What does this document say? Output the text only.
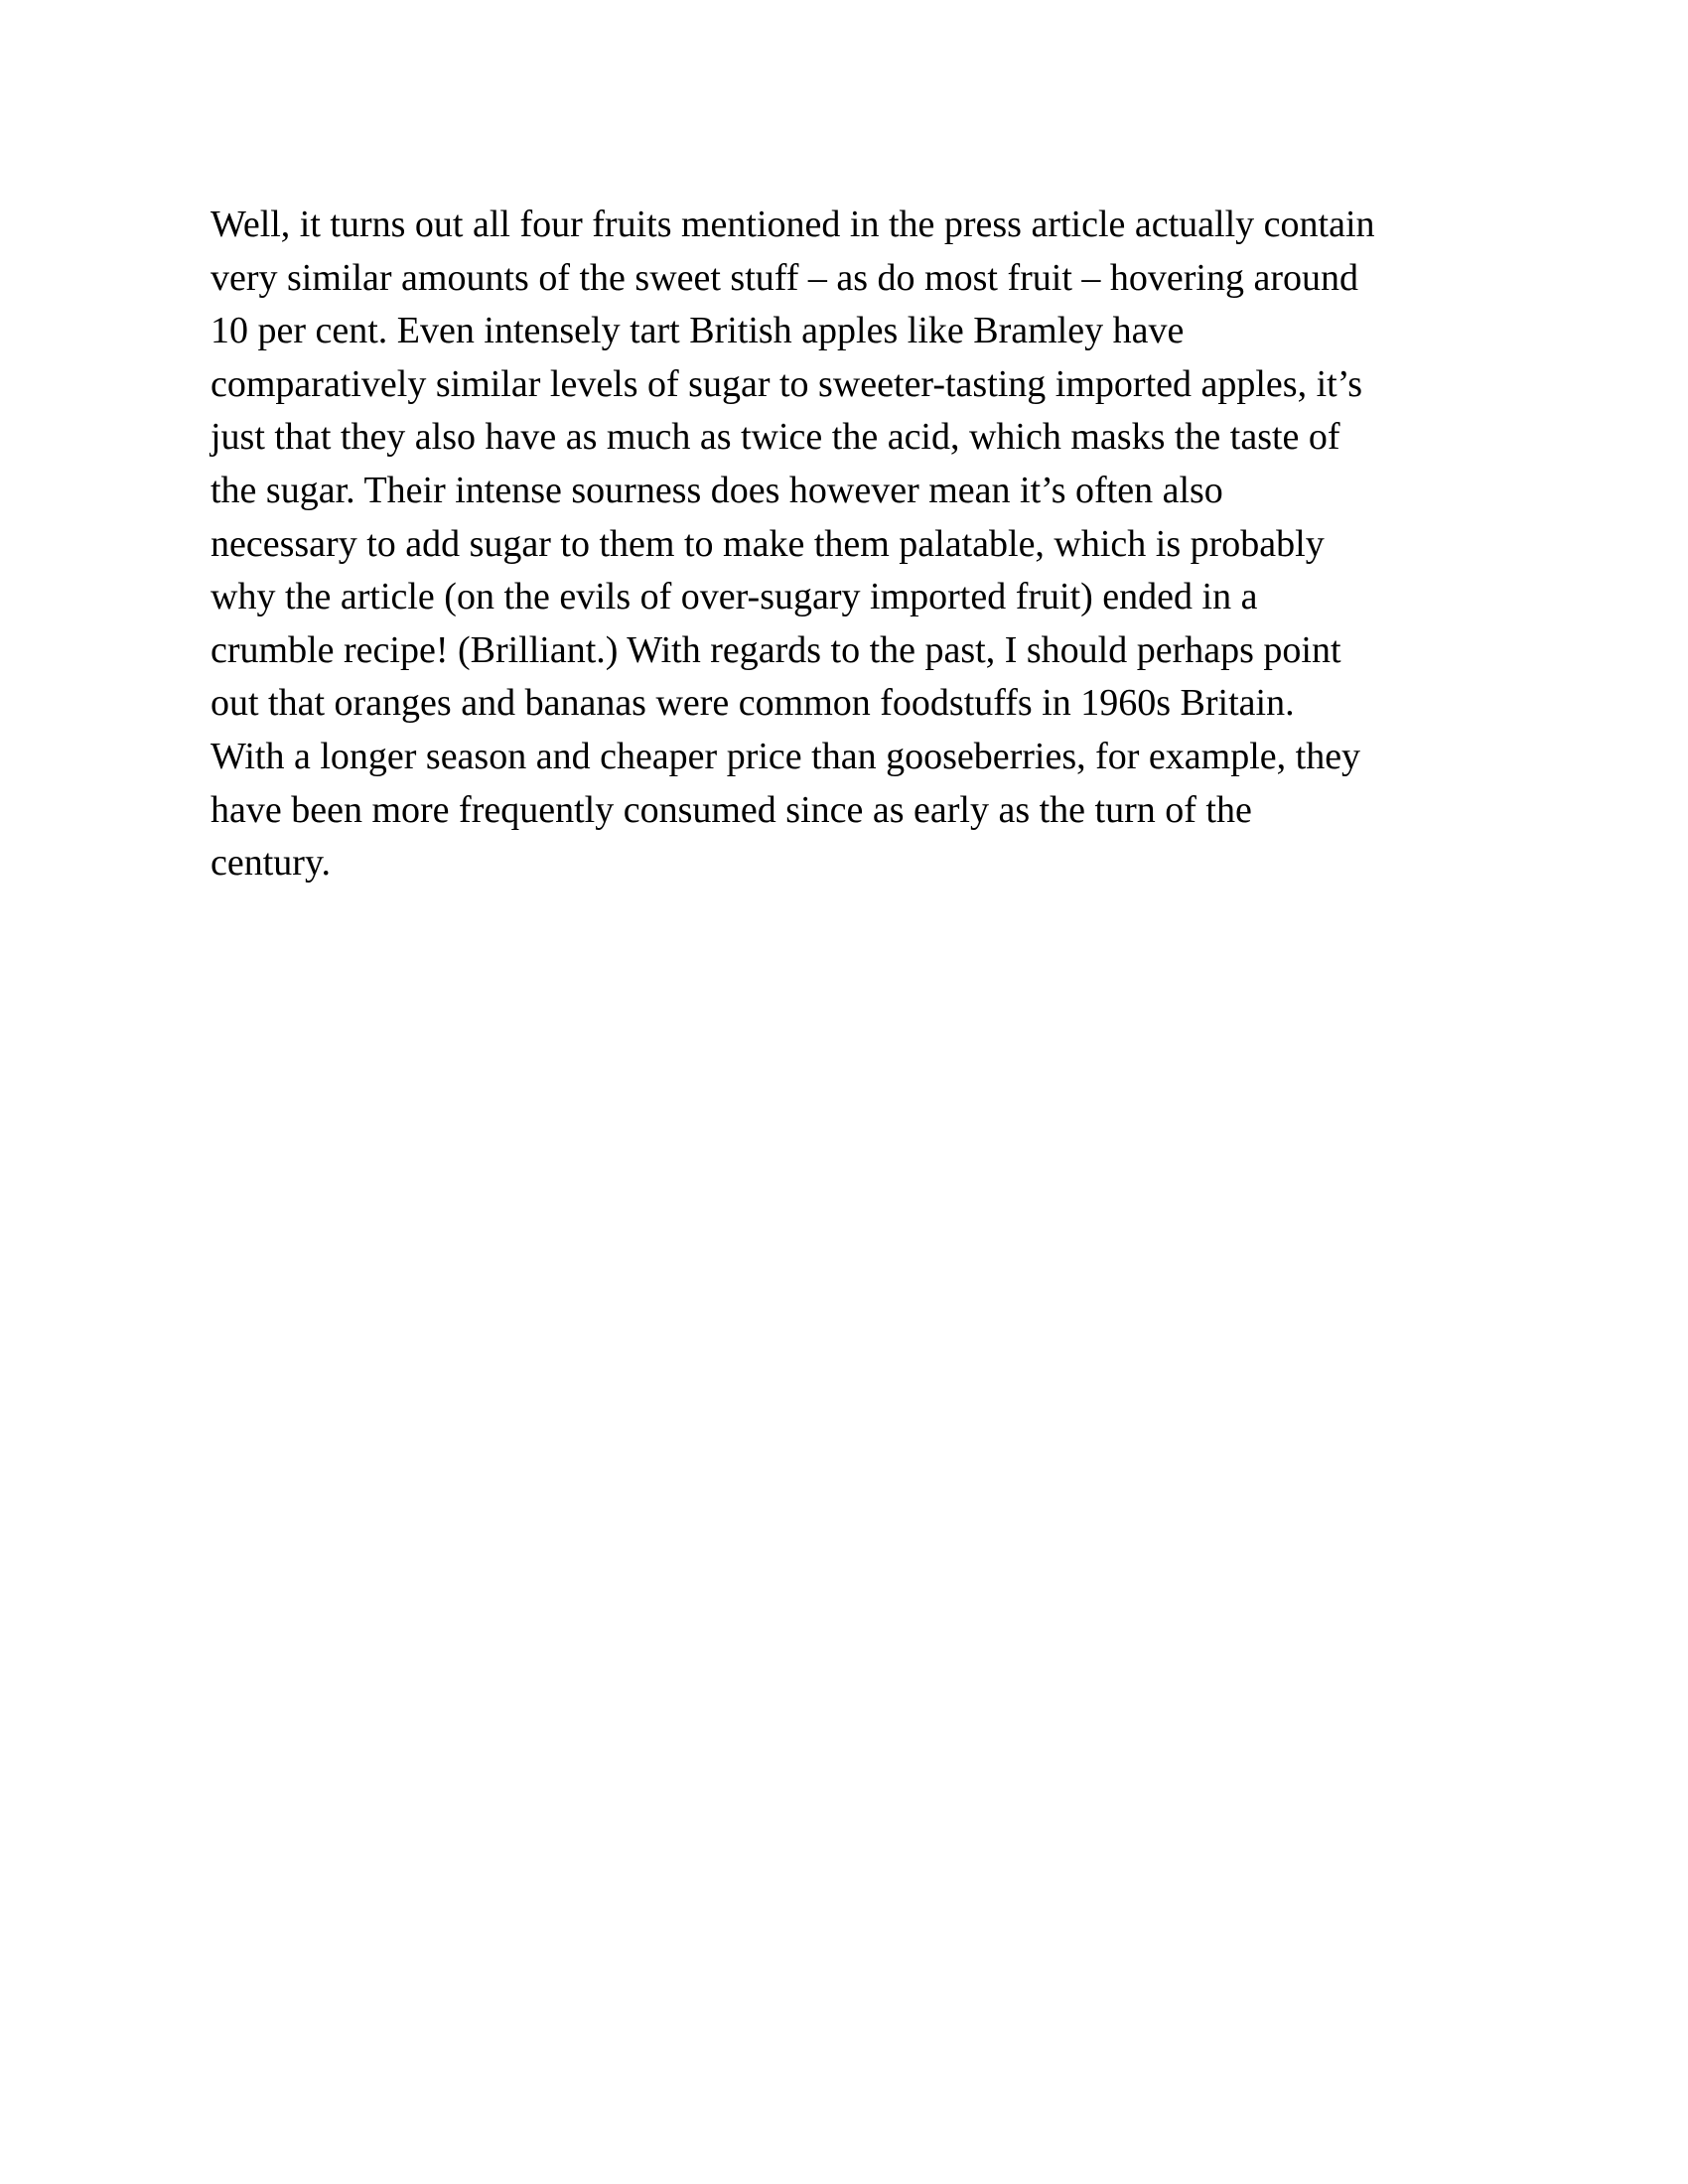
Well, it turns out all four fruits mentioned in the press article actually contain
very similar amounts of the sweet stuff – as do most fruit – hovering around
10 per cent. Even intensely tart British apples like Bramley have
comparatively similar levels of sugar to sweeter-tasting imported apples, it’s
just that they also have as much as twice the acid, which masks the taste of
the sugar. Their intense sourness does however mean it’s often also
necessary to add sugar to them to make them palatable, which is probably
why the article (on the evils of over-sugary imported fruit) ended in a
crumble recipe! (Brilliant.) With regards to the past, I should perhaps point
out that oranges and bananas were common foodstuffs in 1960s Britain.
With a longer season and cheaper price than gooseberries, for example, they
have been more frequently consumed since as early as the turn of the
century.
